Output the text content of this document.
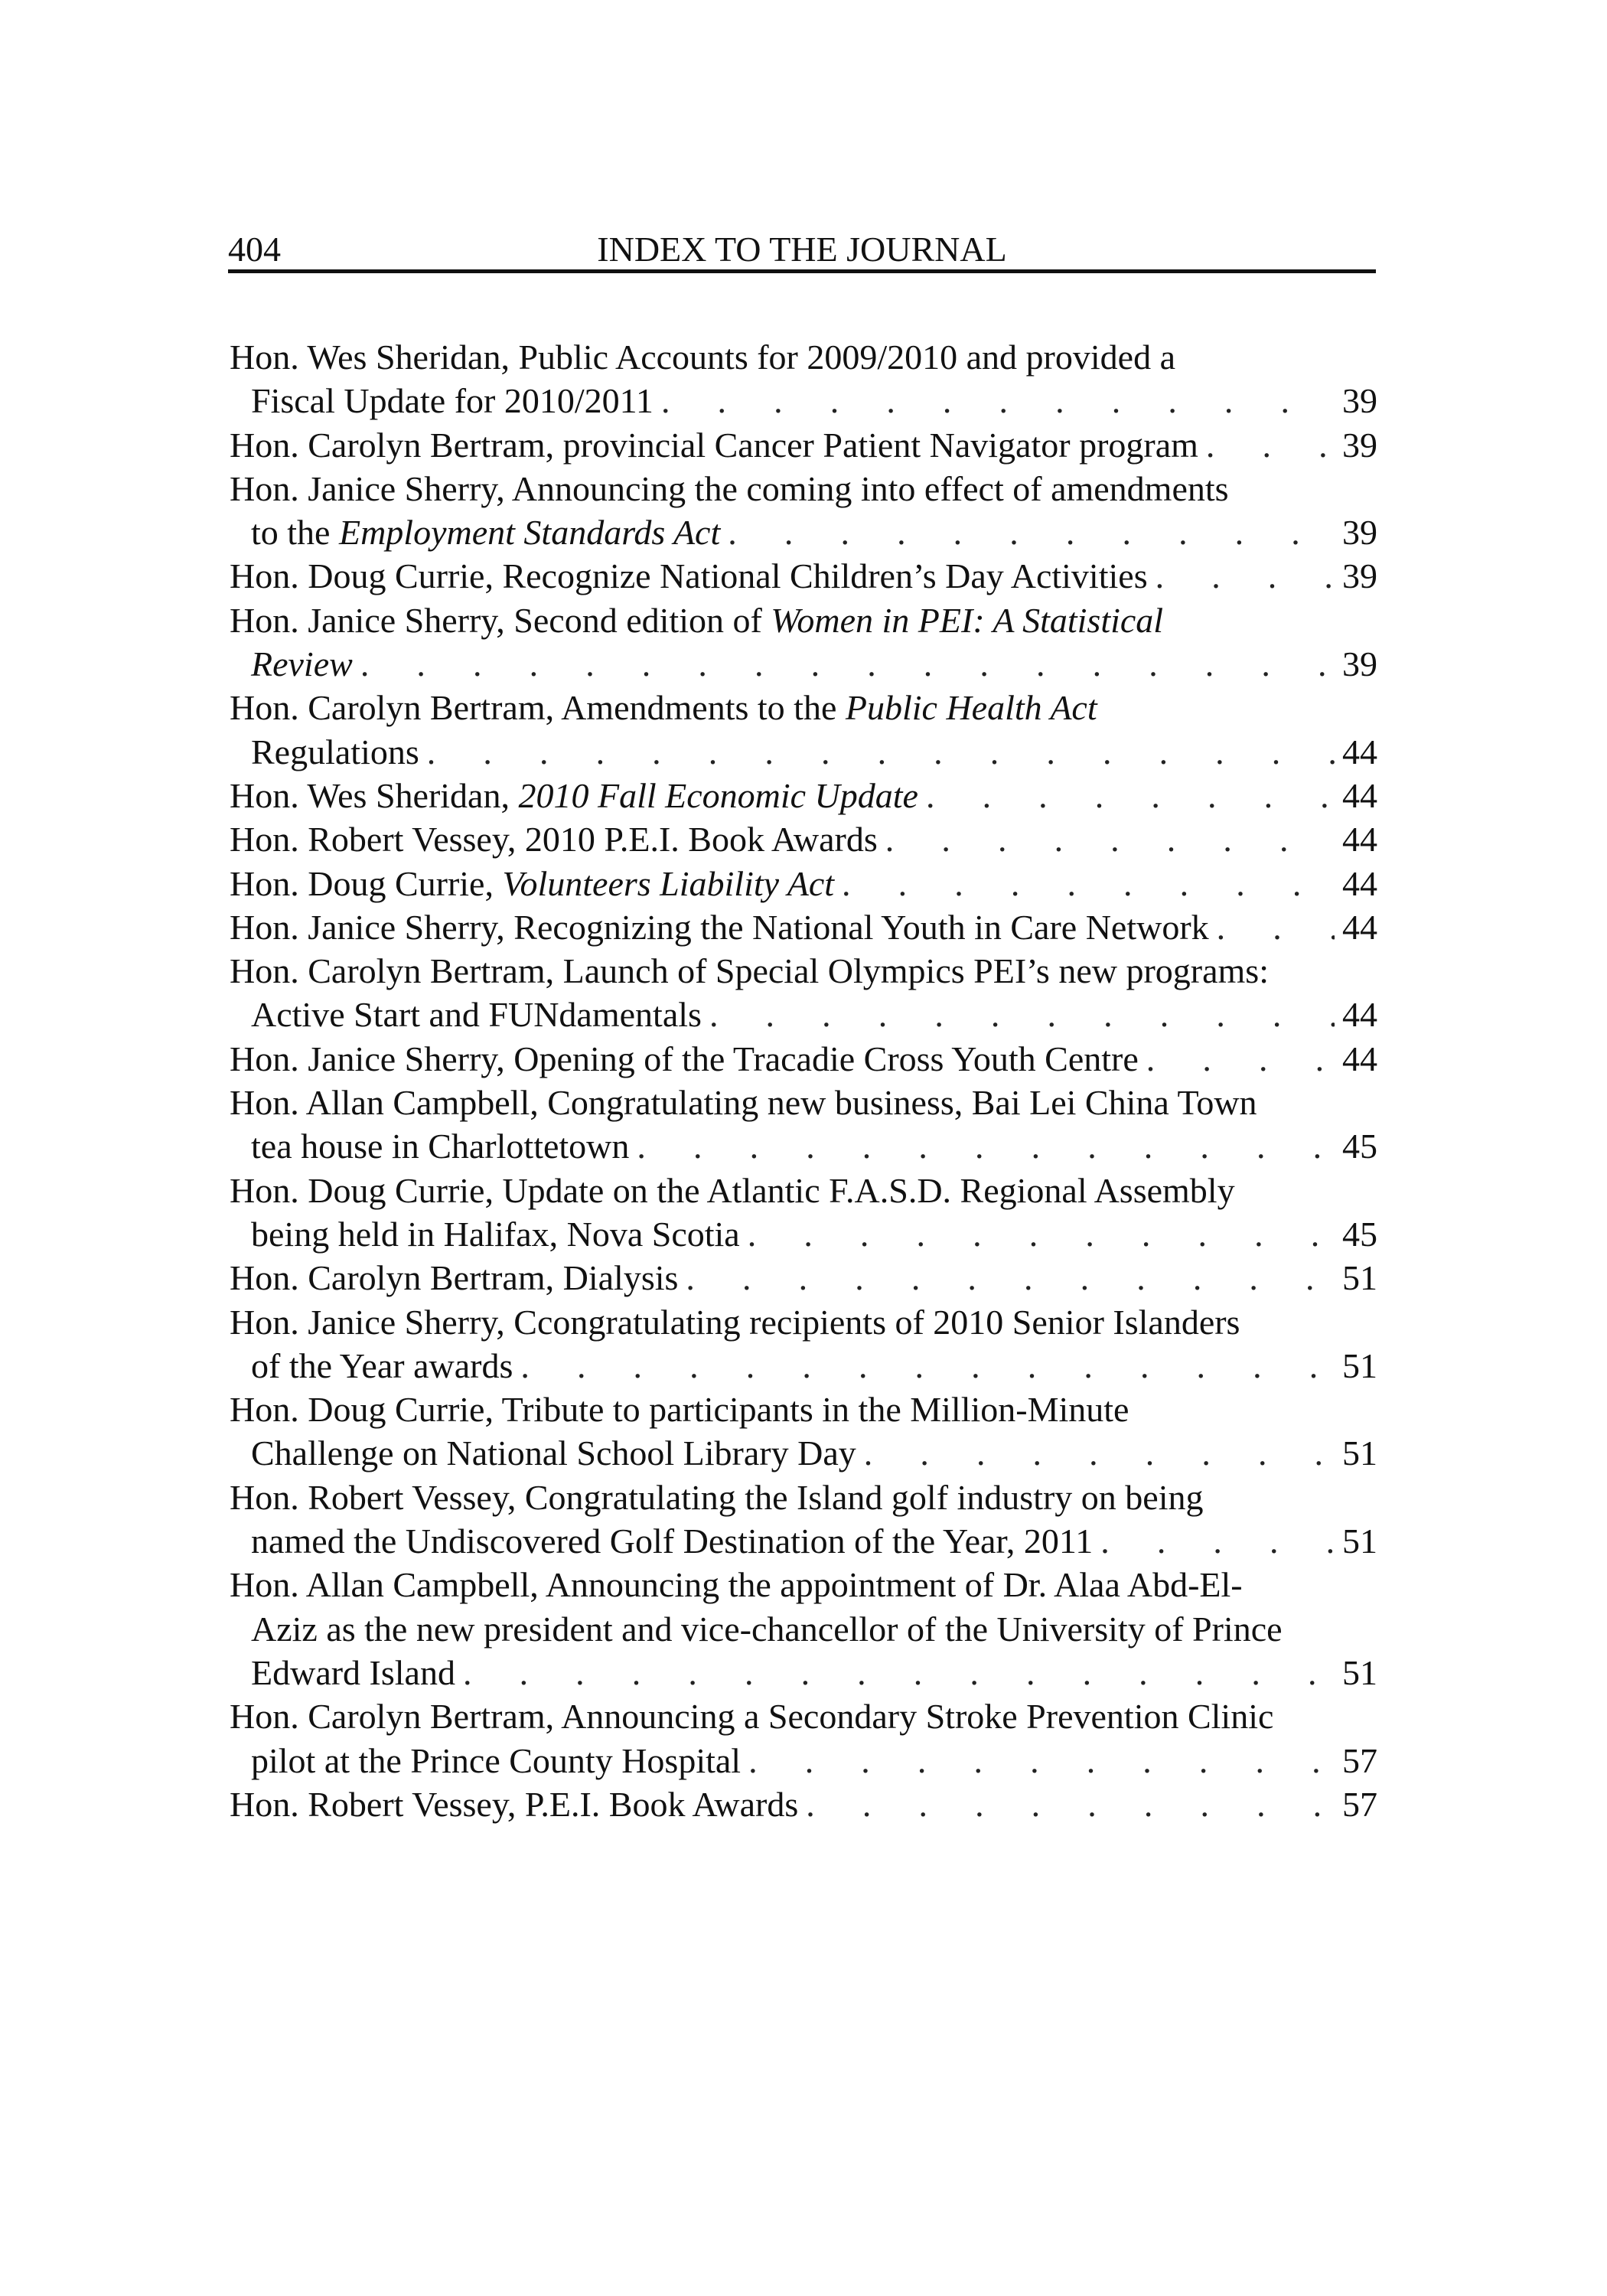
404	INDEX TO THE JOURNAL
Hon. Wes Sheridan, Public Accounts for 2009/2010 and provided a
Fiscal Update for 2010/2011 . . .	39
Hon. Carolyn Bertram, provincial Cancer Patient Navigator program . . .	39
Hon. Janice Sherry, Announcing the coming into effect of amendments
to the Employment Standards Act . . .	39
Hon. Doug Currie, Recognize National Children’s Day Activities . . .	39
Hon. Janice Sherry, Second edition of Women in PEI: A Statistical
Review . . .	39
Hon. Carolyn Bertram, Amendments to the Public Health Act
Regulations . . .	44
Hon. Wes Sheridan, 2010 Fall Economic Update . . .	44
Hon. Robert Vessey, 2010 P.E.I. Book Awards . . .	44
Hon. Doug Currie, Volunteers Liability Act . . .	44
Hon. Janice Sherry, Recognizing the National Youth in Care Network . . .	44
Hon. Carolyn Bertram, Launch of Special Olympics PEI’s new programs:
Active Start and FUNdamentals . . .	44
Hon. Janice Sherry, Opening of the Tracadie Cross Youth Centre . . .	44
Hon. Allan Campbell, Congratulating new business, Bai Lei China Town
tea house in Charlottetown . . .	45
Hon. Doug Currie, Update on the Atlantic F.A.S.D. Regional Assembly
being held in Halifax, Nova Scotia . . .	45
Hon. Carolyn Bertram, Dialysis . . .	51
Hon. Janice Sherry, Ccongratulating recipients of 2010 Senior Islanders
of the Year awards . . .	51
Hon. Doug Currie, Tribute to participants in the Million-Minute
Challenge on National School Library Day . . .	51
Hon. Robert Vessey, Congratulating the Island golf industry on being
named the Undiscovered Golf Destination of the Year, 2011 . . .	51
Hon. Allan Campbell, Announcing the appointment of Dr. Alaa Abd-El-
Aziz as the new president and vice-chancellor of the University of Prince
Edward Island . . .	51
Hon. Carolyn Bertram, Announcing a Secondary Stroke Prevention Clinic
pilot at the Prince County Hospital . . .	57
Hon. Robert Vessey, P.E.I. Book Awards . . .	57
